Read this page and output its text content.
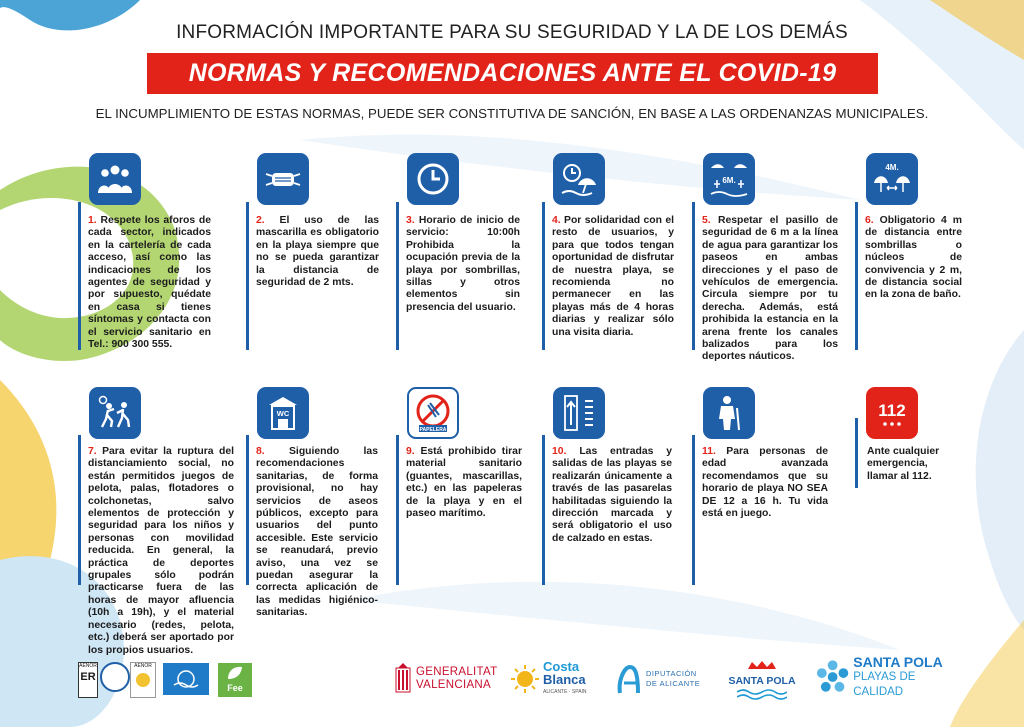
INFORMACIÓN IMPORTANTE PARA SU SEGURIDAD Y LA DE LOS DEMÁS
NORMAS Y RECOMENDACIONES ANTE EL COVID-19
EL INCUMPLIMIENTO DE ESTAS NORMAS, PUEDE SER CONSTITUTIVA DE SANCIÓN, EN BASE A LAS ORDENANZAS MUNICIPALES.
1. Respete los aforos de cada sector, indicados en la cartelería de cada acceso, así como las indicaciones de los agentes de seguridad y por supuesto, quédate en casa si tienes síntomas y contacta con el servicio sanitario en Tel.: 900 300 555.
2. El uso de las mascarilla es obligatorio en la playa siempre que no se pueda garantizar la distancia de seguridad de 2 mts.
3. Horario de inicio de servicio: 10:00h Prohibida la ocupación previa de la playa por sombrillas, sillas y otros elementos sin presencia del usuario.
4. Por solidaridad con el resto de usuarios, y para que todos tengan oportunidad de disfrutar de nuestra playa, se recomienda no permanecer en las playas más de 4 horas diarias y realizar sólo una visita diaria.
6M.
5. Respetar el pasillo de seguridad de 6 m a la línea de agua para garantizar los paseos en ambas direcciones y el paso de vehículos de emergencia. Circula siempre por tu derecha. Además, está prohibida la estancia en la arena frente los canales balizados para los deportes náuticos.
4M.
6. Obligatorio 4 m de distancia entre sombrillas o núcleos de convivencia y 2 m, de distancia social en la zona de baño.
7. Para evitar la ruptura del distanciamiento social, no están permitidos juegos de pelota, palas, flotadores o colchonetas, salvo elementos de protección y seguridad para los niños y personas con movilidad reducida. En general, la práctica de deportes grupales sólo podrán practicarse fuera de las horas de mayor afluencia (10h a 19h), y el material necesario (redes, pelota, etc.) deberá ser aportado por los propios usuarios.
WC
8. Siguiendo las recomendaciones sanitarias, de forma provisional, no hay servicios de aseos públicos, excepto para usuarios del punto accesible. Este servicio se reanudará, previo aviso, una vez se puedan asegurar la correcta aplicación de las medidas higiénico-sanitarias.
PAPELERA
9. Está prohibido tirar material sanitario (guantes, mascarillas, etc.) en las papeleras de la playa y en el paseo marítimo.
10. Las entradas y salidas de las playas se realizarán únicamente a través de las pasarelas habilitadas siguiendo la dirección marcada y será obligatorio el uso de calzado en estas.
11. Para personas de edad avanzada recomendamos que su horario de playa NO SEA DE 12 a 16 h. Tu vida está en juego.
112
Ante cualquier emergencia, llamar al 112.
AENOR
ER
AENOR
Fee
GENERALITAT
VALENCIANA
Costa
Blanca
ALICANTE · SPAIN
DIPUTACIÓN
DE ALICANTE	SANTA POLA
SANTA POLA
PLAYAS DE CALIDAD
